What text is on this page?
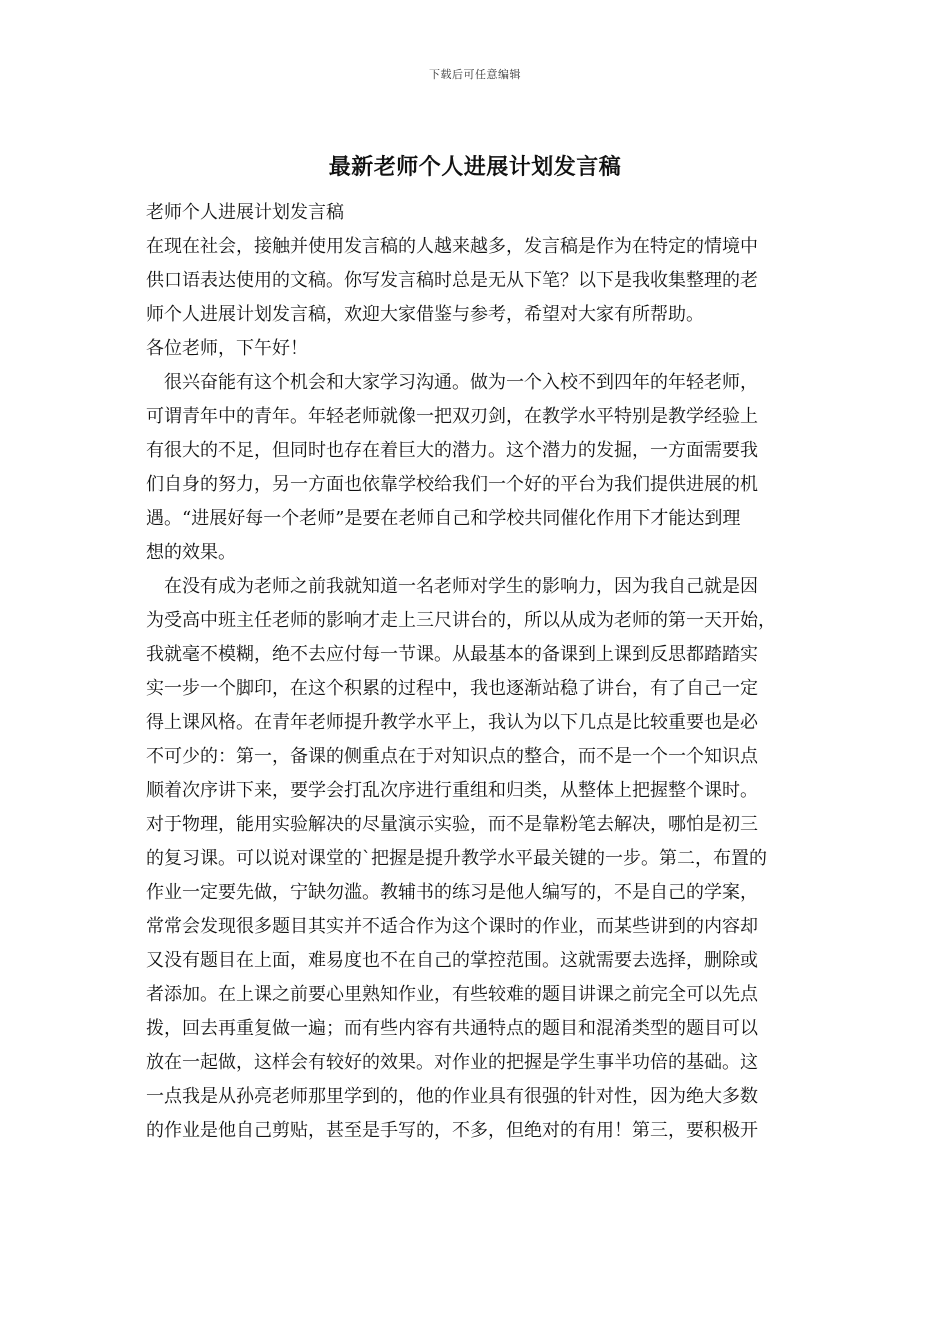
下载后可任意编辑
最新老师个人进展计划发言稿
老师个人进展计划发言稿
在现在社会，接触并使用发言稿的人越来越多，发言稿是作为在特定的情境中
供口语表达使用的文稿。你写发言稿时总是无从下笔？以下是我收集整理的老
师个人进展计划发言稿，欢迎大家借鉴与参考，希望对大家有所帮助。
各位老师，下午好！
　很兴奋能有这个机会和大家学习沟通。做为一个入校不到四年的年轻老师，
可谓青年中的青年。年轻老师就像一把双刃剑，在教学水平特别是教学经验上
有很大的不足，但同时也存在着巨大的潜力。这个潜力的发掘，一方面需要我
们自身的努力，另一方面也依靠学校给我们一个好的平台为我们提供进展的机
遇。“进展好每一个老师”是要在老师自己和学校共同催化作用下才能达到理
想的效果。
　在没有成为老师之前我就知道一名老师对学生的影响力，因为我自己就是因
为受高中班主任老师的影响才走上三尺讲台的，所以从成为老师的第一天开始，
我就毫不模糊，绝不去应付每一节课。从最基本的备课到上课到反思都踏踏实
实一步一个脚印，在这个积累的过程中，我也逐渐站稳了讲台，有了自己一定
得上课风格。在青年老师提升教学水平上，我认为以下几点是比较重要也是必
不可少的：第一，备课的侧重点在于对知识点的整合，而不是一个一个知识点
顺着次序讲下来，要学会打乱次序进行重组和归类，从整体上把握整个课时。
对于物理，能用实验解决的尽量演示实验，而不是靠粉笔去解决，哪怕是初三
的复习课。可以说对课堂的`把握是提升教学水平最关键的一步。第二，布置的
作业一定要先做，宁缺勿滥。教辅书的练习是他人编写的，不是自己的学案，
常常会发现很多题目其实并不适合作为这个课时的作业，而某些讲到的内容却
又没有题目在上面，难易度也不在自己的掌控范围。这就需要去选择，删除或
者添加。在上课之前要心里熟知作业，有些较难的题目讲课之前完全可以先点
拨，回去再重复做一遍；而有些内容有共通特点的题目和混淆类型的题目可以
放在一起做，这样会有较好的效果。对作业的把握是学生事半功倍的基础。这
一点我是从孙亮老师那里学到的，他的作业具有很强的针对性，因为绝大多数
的作业是他自己剪贴，甚至是手写的，不多，但绝对的有用！第三，要积极开
